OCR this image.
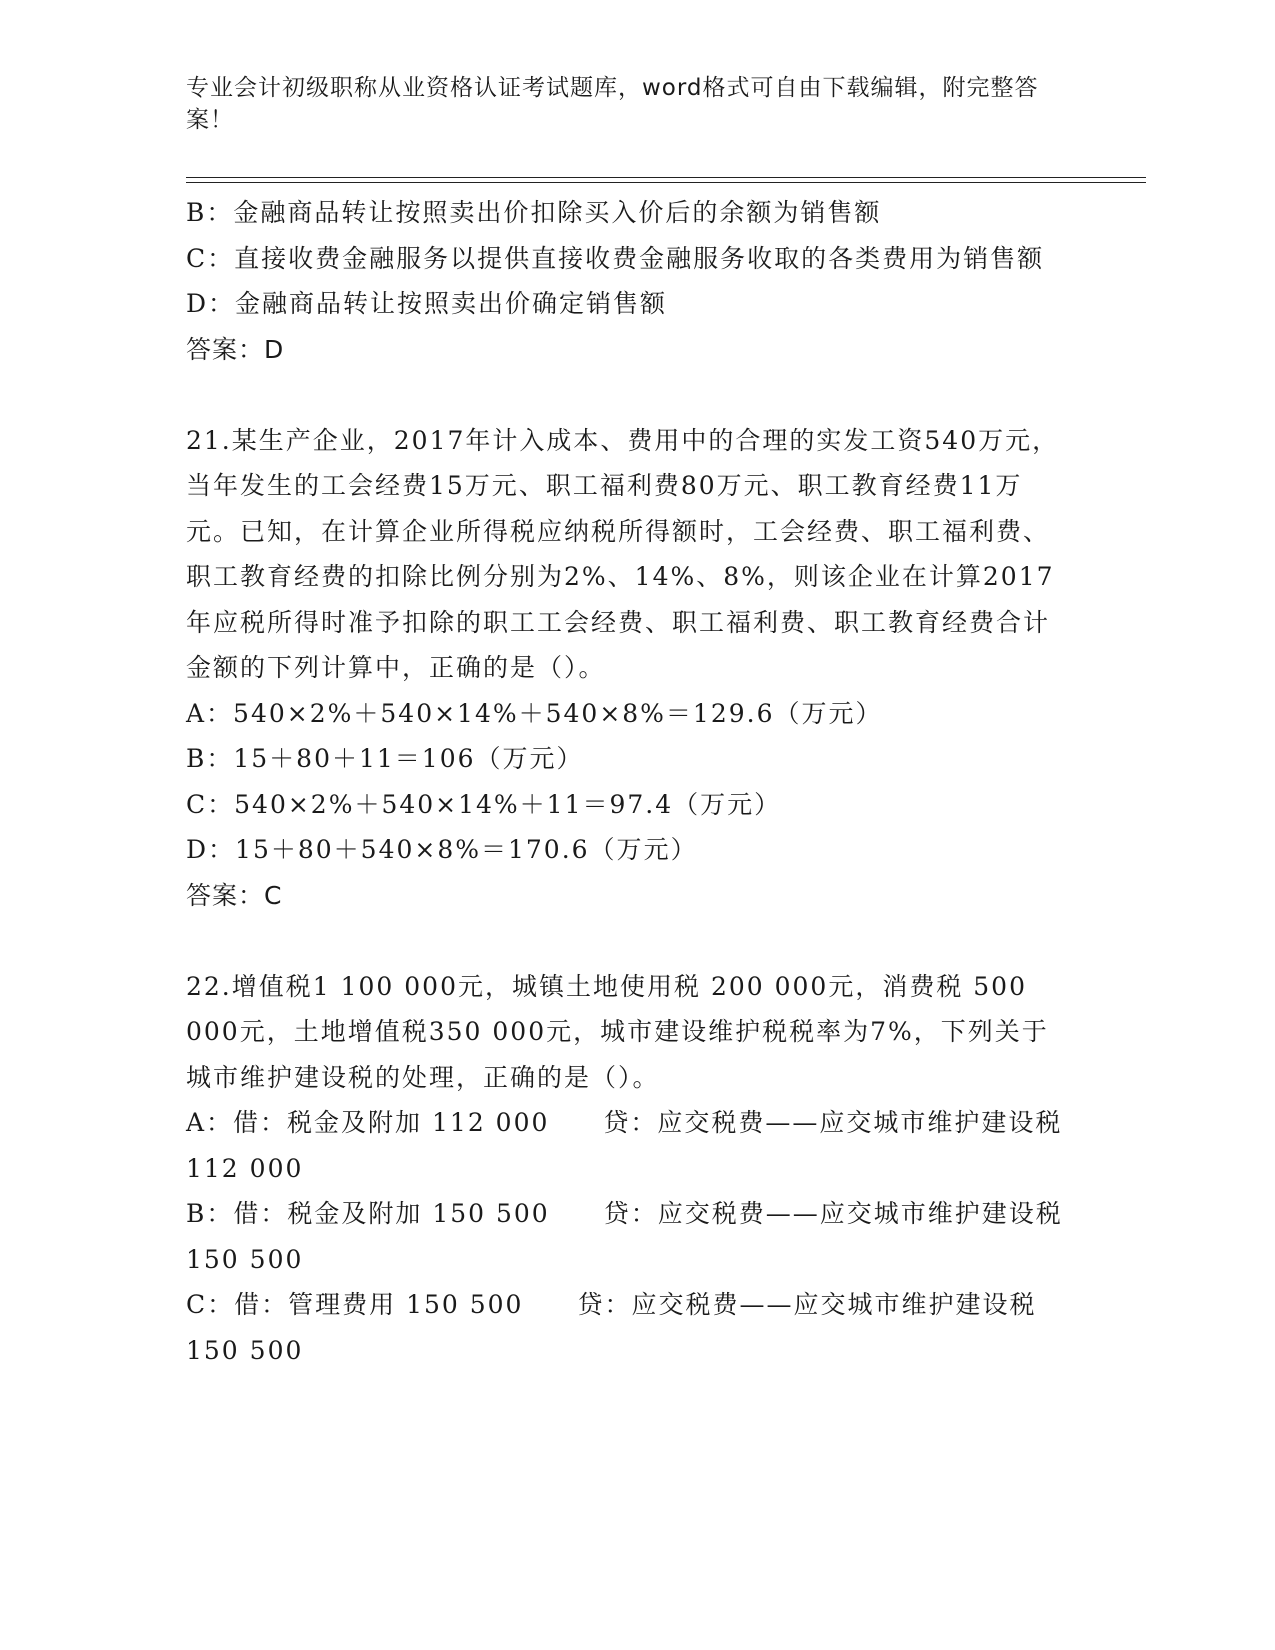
专业会计初级职称从业资格认证考试题库，word格式可自由下载编辑，附完整答案！

B：金融商品转让按照卖出价扣除买入价后的余额为销售额

C：直接收费金融服务以提供直接收费金融服务收取的各类费用为销售额

D：金融商品转让按照卖出价确定销售额

答案：D

21.某生产企业，2017年计入成本、费用中的合理的实发工资540万元，当年发生的工会经费15万元、职工福利费80万元、职工教育经费11万元。已知，在计算企业所得税应纳税所得额时，工会经费、职工福利费、职工教育经费的扣除比例分别为2%、14%、8%，则该企业在计算2017年应税所得时准予扣除的职工工会经费、职工福利费、职工教育经费合计金额的下列计算中，正确的是（）。

A：540×2%＋540×14%＋540×8%＝129.6（万元）

B：15＋80＋11＝106（万元）

C：540×2%＋540×14%＋11＝97.4（万元）

D：15＋80＋540×8%＝170.6（万元）

答案：C

22.增值税1 100 000元，城镇土地使用税 200 000元，消费税 500 000元，土地增值税350 000元，城市建设维护税税率为7%，下列关于城市维护建设税的处理，正确的是（）。

A：借：税金及附加 112 000　　贷：应交税费——应交城市维护建设税112 000

B：借：税金及附加 150 500　　贷：应交税费——应交城市维护建设税150 500

C：借：管理费用 150 500　　贷：应交税费——应交城市维护建设税150 500
